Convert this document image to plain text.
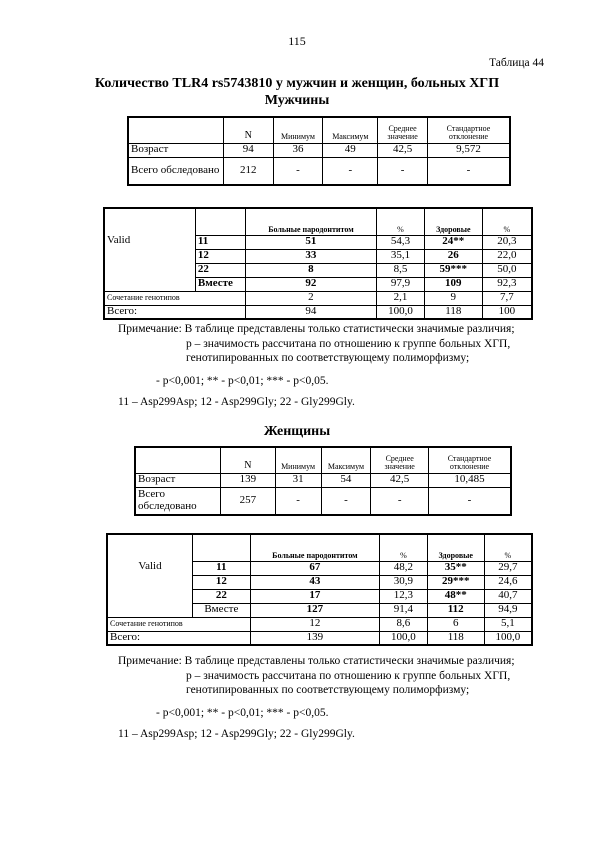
115
Таблица 44
Количество TLR4 rs5743810 у мужчин и женщин, больных ХГП
Мужчины
	N	Минимум	Максимум	Среднее значение	Стандартное отклонение
Возраст	94	36	49	42,5	9,572
Всего обследовано	212	-	-	-	-
		Больные пародонтитом	%	Здоровые	%
Valid	11	51	54,3	24**	20,3
	12	33	35,1	26	22,0
	22	8	8,5	59***	50,0
	Вместе	92	97,9	109	92,3
Сочетание генотипов		2	2,1	9	7,7
Всего:		94	100,0	118	100
Примечание: В таблице представлены только статистически значимые различия;
р – значимость рассчитана по отношению к группе больных ХГП,
генотипированных по соответствующему полиморфизму;
- p<0,001; ** - p<0,01; *** - p<0,05.
11 – Asp299Asp; 12 - Asp299Gly; 22 - Gly299Gly.
Женщины
	N	Минимум	Максимум	Среднее значение	Стандартное отклонение
Возраст	139	31	54	42,5	10,485
Всего обследовано	257	-	-	-	-
		Больные пародонтитом	%	Здоровые	%
Valid	11	67	48,2	35**	29,7
	12	43	30,9	29***	24,6
	22	17	12,3	48**	40,7
	Вместе	127	91,4	112	94,9
Сочетание генотипов		12	8,6	6	5,1
Всего:		139	100,0	118	100,0
Примечание: В таблице представлены только статистически значимые различия;
р – значимость рассчитана по отношению к группе больных ХГП,
генотипированных по соответствующему полиморфизму;
- p<0,001; ** - p<0,01; *** - p<0,05.
11 – Asp299Asp; 12 - Asp299Gly; 22 - Gly299Gly.
